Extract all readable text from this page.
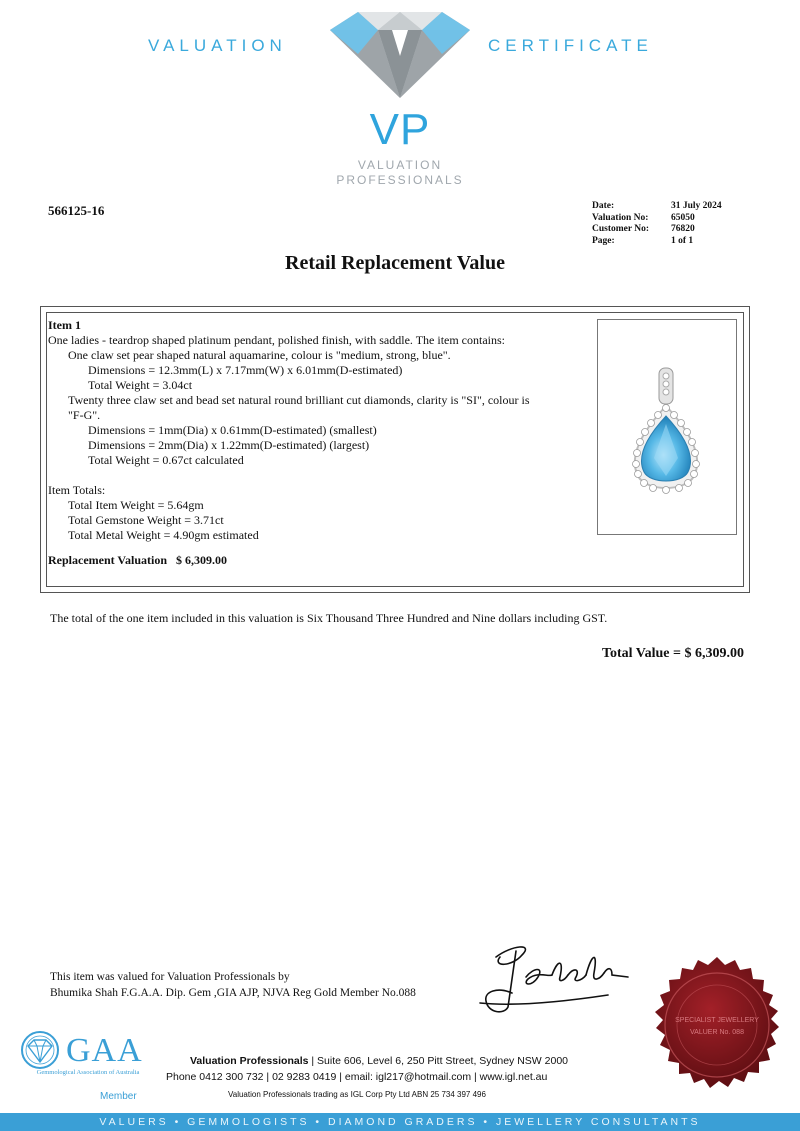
VALUATION	CERTIFICATE
VP
VALUATION
PROFESSIONALS
566125-16	Date:	31 July 2024
Valuation No:	65050
Customer No:	76820
Page:	1 of 1
Retail Replacement Value
Item 1
One ladies - teardrop shaped platinum pendant, polished finish, with saddle. The item contains:
One claw set pear shaped natural aquamarine, colour is "medium, strong, blue".
Dimensions = 12.3mm(L) x 7.17mm(W) x 6.01mm(D-estimated)
Total Weight = 3.04ct
Twenty three claw set and bead set natural round brilliant cut diamonds, clarity is "SI", colour is
"F-G".
Dimensions = 1mm(Dia) x 0.61mm(D-estimated) (smallest)
Dimensions = 2mm(Dia) x 1.22mm(D-estimated) (largest)
Total Weight = 0.67ct calculated
Item Totals:
Total Item Weight = 5.64gm
Total Gemstone Weight = 3.71ct
Total Metal Weight = 4.90gm estimated
Replacement Valuation $ 6,309.00
The total of the one item included in this valuation is Six Thousand Three Hundred and Nine dollars including GST.
Total Value = $ 6,309.00
This item was valued for Valuation Professionals by
Bhumika Shah F.G.A.A. Dip. Gem ,GIA AJP, NJVA Reg Gold Member No.088
SPECIALIST JEWELLERY
VALUER No. 088
GAA
Gemmological Association of Australia
Member
Valuation Professionals | Suite 606, Level 6, 250 Pitt Street, Sydney NSW 2000
Phone 0412 300 732 | 02 9283 0419 | email: igl217@hotmail.com | www.igl.net.au
Valuation Professionals trading as IGL Corp Pty Ltd ABN 25 734 397 496
VALUERS • GEMMOLOGISTS • DIAMOND GRADERS • JEWELLERY CONSULTANTS
